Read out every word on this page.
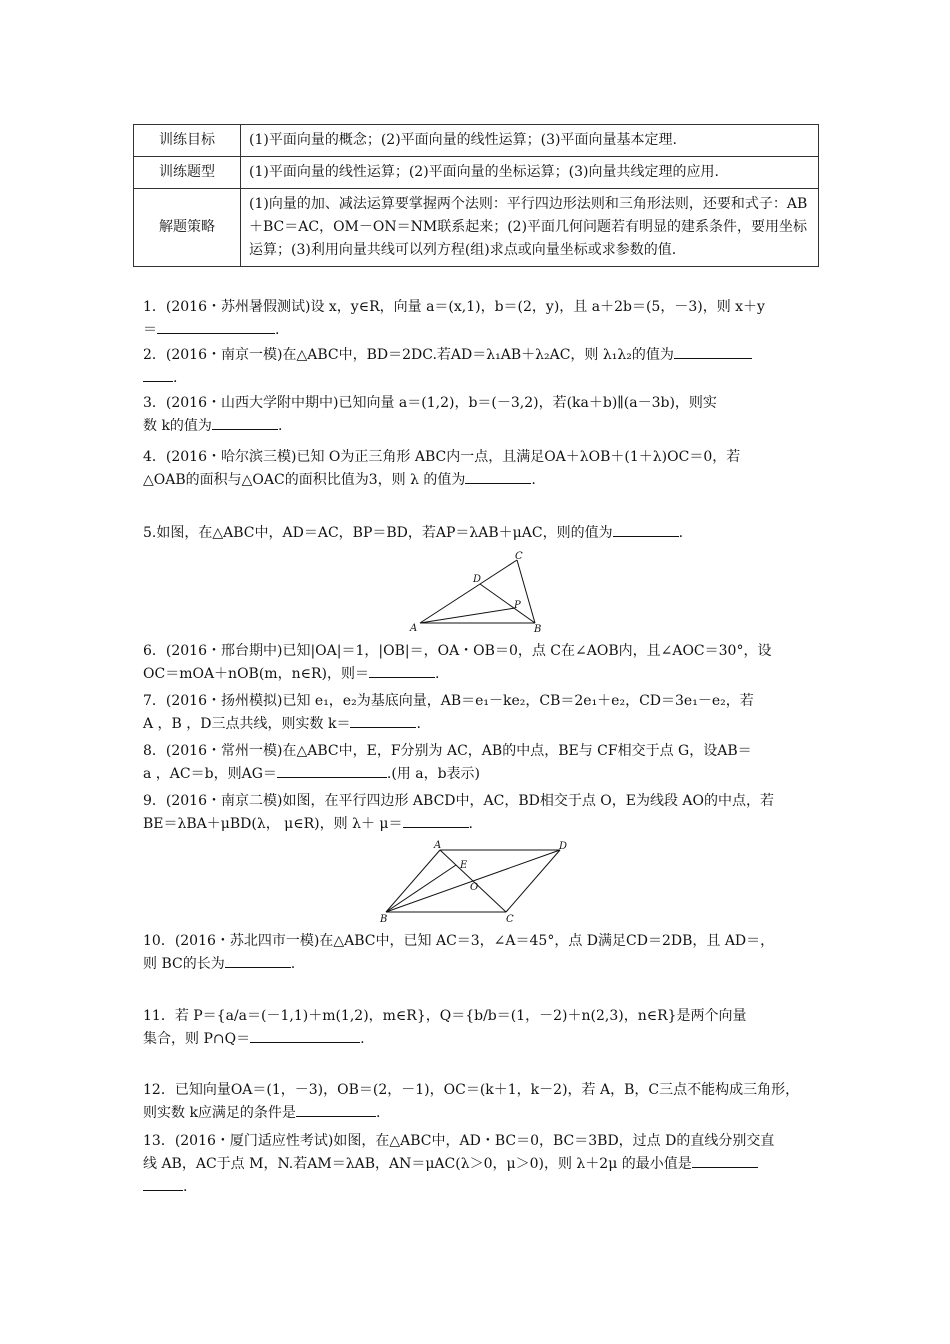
训练目标	(1)平面向量的概念；(2)平面向量的线性运算；(3)平面向量基本定理.
训练题型	(1)平面向量的线性运算；(2)平面向量的坐标运算；(3)向量共线定理的应用.
解题策略	(1)向量的加、减法运算要掌握两个法则：平行四边形法则和三角形法则，还要和式子：AB＋BC＝AC，OM－ON＝NM联系起来；(2)平面几何问题若有明显的建系条件，要用坐标运算；(3)利用向量共线可以列方程(组)求点或向量坐标或求参数的值.

1．(2016・苏州暑假测试)设 x，y∈R，向量 a＝(x,1)，b＝(2，y)，且 a＋2b＝(5，－3)，则 x＋y

＝	.

2．(2016・南京一模)在△ABC中，BD＝2DC.若AD＝λ₁AB＋λ₂AC，则 λ₁λ₂的值为

.

3．(2016・山西大学附中期中)已知向量 a＝(1,2)，b＝(－3,2)，若(ka＋b)∥(a－3b)，则实

数 k的值为	.

4．(2016・哈尔滨三模)已知 O为正三角形 ABC内一点，且满足OA＋λOB＋(1＋λ)OC＝0，若

△OAB的面积与△OAC的面积比值为3，则 λ 的值为	.

5.如图，在△ABC中，AD＝AC，BP＝BD，若AP＝λAB＋μAC，则的值为	.

C
D
P
A	B

6．(2016・邢台期中)已知|OA|＝1，|OB|＝，OA・OB＝0，点 C在∠AOB内，且∠AOC＝30°，设

OC＝mOA＋nOB(m，n∈R)，则＝	.

7．(2016・扬州模拟)已知 e₁，e₂为基底向量，AB＝e₁－ke₂，CB＝2e₁＋e₂，CD＝3e₁－e₂，若

A ，B ，D三点共线，则实数 k＝	.

8．(2016・常州一模)在△ABC中，E，F分别为 AC，AB的中点，BE与 CF相交于点 G，设AB＝

a ，AC＝b，则AG＝	.(用 a，b表示)

9．(2016・南京二模)如图，在平行四边形 ABCD中，AC，BD相交于点 O，E为线段 AO的中点，若

BE＝λBA＋μBD(λ， μ∈R)，则 λ＋ μ＝	.

A	D
E
O
B	C

10．(2016・苏北四市一模)在△ABC中，已知 AC＝3，∠A＝45°，点 D满足CD＝2DB，且 AD＝，

则 BC的长为	.

11．若 P＝{a/a＝(－1,1)＋m(1,2)，m∈R}，Q＝{b/b＝(1，－2)＋n(2,3)，n∈R}是两个向量

集合，则 P∩Q＝	.

12．已知向量OA＝(1，－3)，OB＝(2，－1)，OC＝(k＋1，k－2)，若 A，B，C三点不能构成三角形，

则实数 k应满足的条件是	.

13．(2016・厦门适应性考试)如图，在△ABC中，AD・BC＝0，BC＝3BD，过点 D的直线分别交直

线 AB，AC于点 M，N.若AM＝λAB，AN＝μAC(λ＞0，μ＞0)，则 λ＋2μ 的最小值是

.
